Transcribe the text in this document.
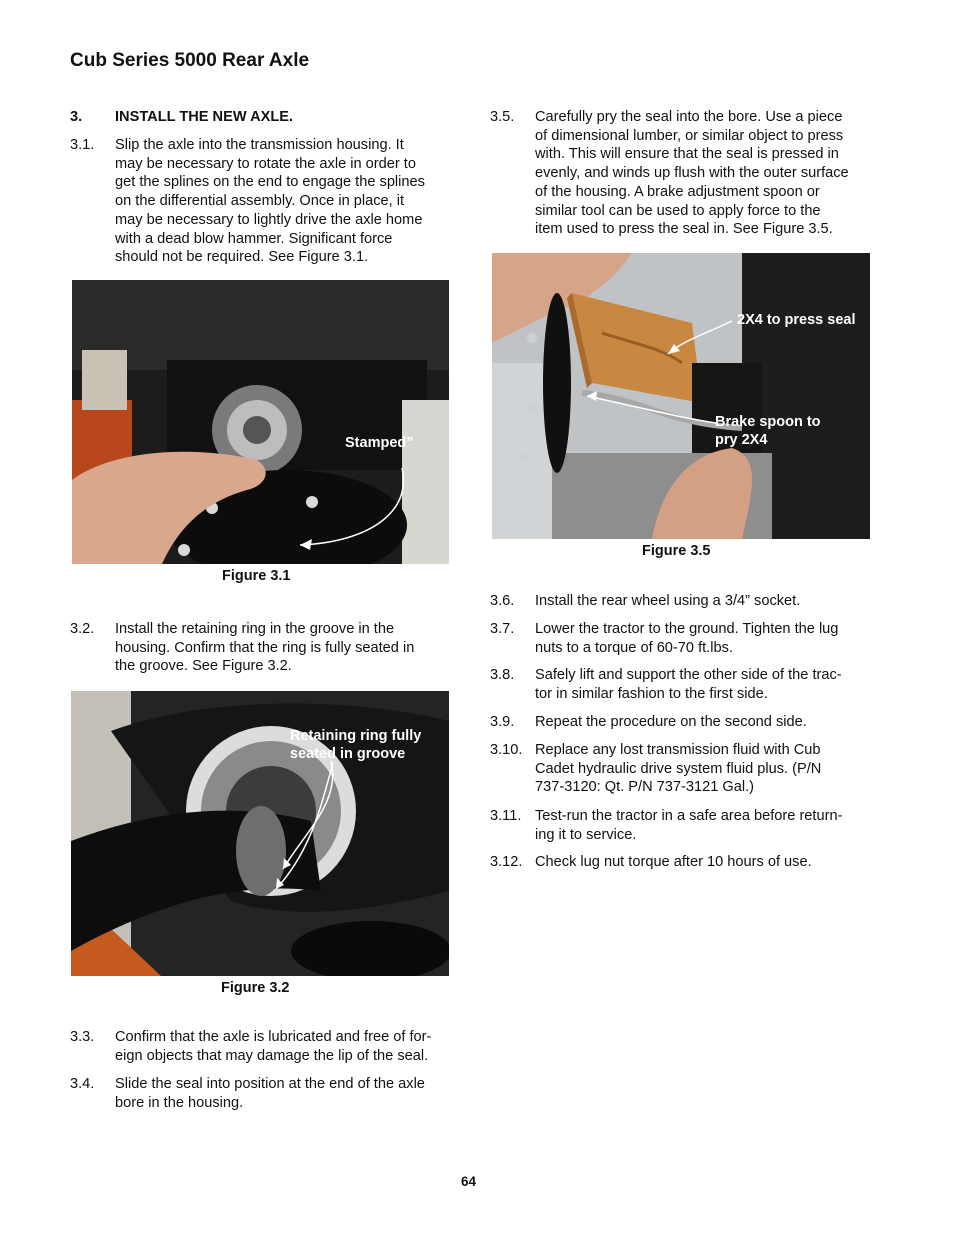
Cub Series 5000 Rear Axle
3. INSTALL THE NEW AXLE.
3.1. Slip the axle into the transmission housing. It
may be necessary to rotate the axle in order to
get the splines on the end to engage the splines
on the differential assembly. Once in place, it
may be necessary to lightly drive the axle home
with a dead blow hammer. Significant force
should not be required. See Figure 3.1.
Stamped”
Figure 3.1
3.2. Install the retaining ring in the groove in the
housing. Confirm that the ring is fully seated in
the groove. See Figure 3.2.
Retaining ring fully
seated in groove
Figure 3.2
3.3. Confirm that the axle is lubricated and free of for-
eign objects that may damage the lip of the seal.
3.4. Slide the seal into position at the end of the axle
bore in the housing.
3.5. Carefully pry the seal into the bore. Use a piece
of dimensional lumber, or similar object to press
with. This will ensure that the seal is pressed in
evenly, and winds up flush with the outer surface
of the housing. A brake adjustment spoon or
similar tool can be used to apply force to the
item used to press the seal in. See Figure 3.5.
2X4 to press seal
Brake spoon to
pry 2X4
Figure 3.5
3.6. Install the rear wheel using a 3/4” socket.
3.7. Lower the tractor to the ground. Tighten the lug
nuts to a torque of 60-70 ft.lbs.
3.8. Safely lift and support the other side of the trac-
tor in similar fashion to the first side.
3.9. Repeat the procedure on the second side.
3.10. Replace any lost transmission fluid with Cub
Cadet hydraulic drive system fluid plus. (P/N
737-3120: Qt. P/N 737-3121 Gal.)
3.11. Test-run the tractor in a safe area before return-
ing it to service.
3.12. Check lug nut torque after 10 hours of use.
64
